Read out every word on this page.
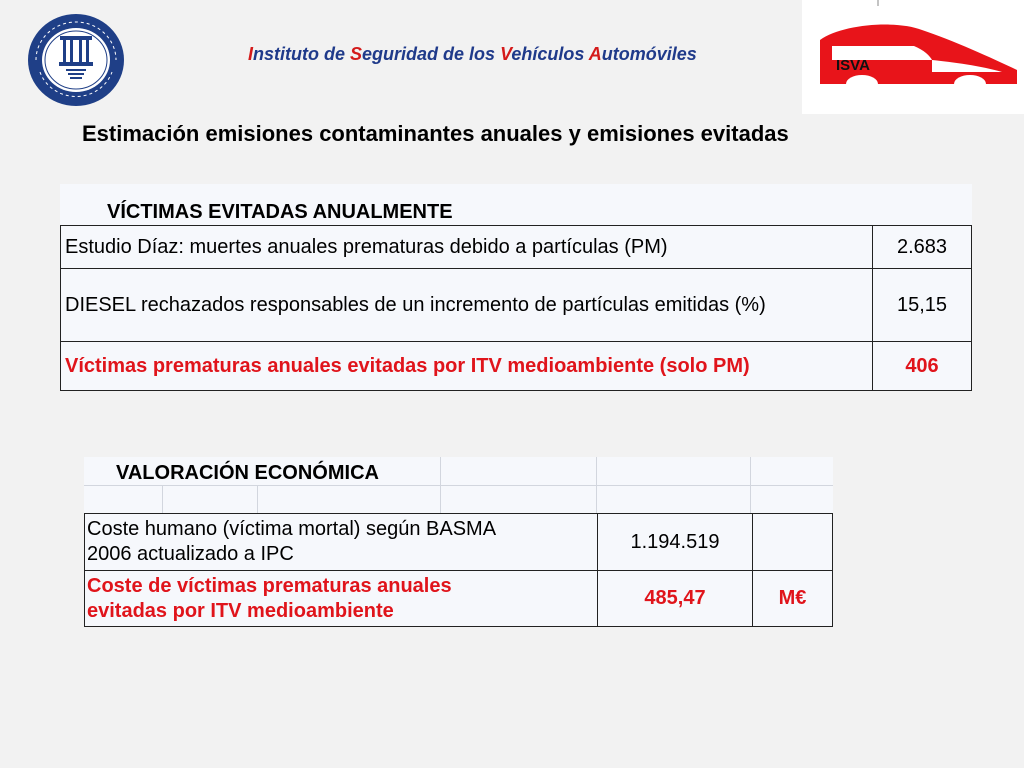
Instituto de Seguridad de los Vehículos Automóviles
ISVA
Estimación emisiones contaminantes anuales y emisiones evitadas
VÍCTIMAS EVITADAS ANUALMENTE
Estudio Díaz: muertes anuales prematuras debido a partículas (PM)	2.683
DIESEL rechazados responsables de un incremento de partículas emitidas (%)	15,15
Víctimas prematuras anuales evitadas por ITV medioambiente (solo PM)	406
VALORACIÓN ECONÓMICA
Coste humano (víctima mortal) según BASMA
2006 actualizado a IPC	1.194.519	
Coste de víctimas prematuras anuales
evitadas por ITV medioambiente	485,47	M€
